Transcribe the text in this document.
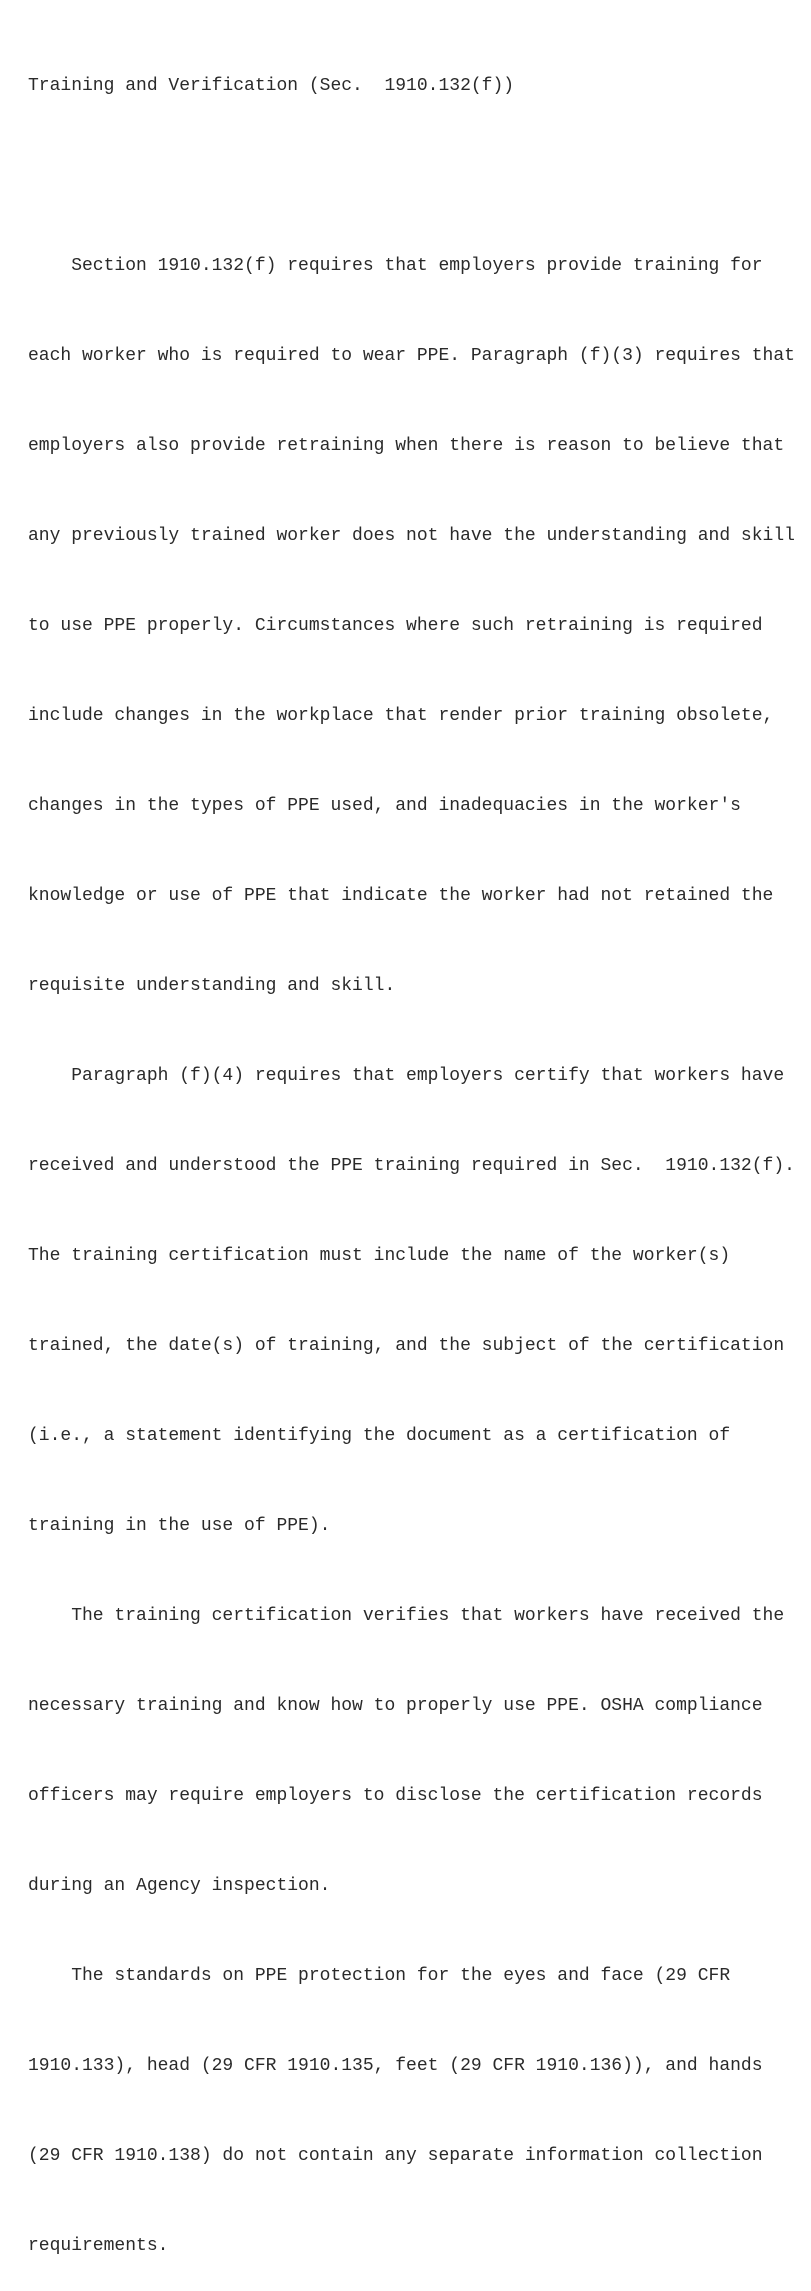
Training and Verification (Sec.  1910.132(f))

Section 1910.132(f) requires that employers provide training for

each worker who is required to wear PPE. Paragraph (f)(3) requires that

employers also provide retraining when there is reason to believe that

any previously trained worker does not have the understanding and skill

to use PPE properly. Circumstances where such retraining is required

include changes in the workplace that render prior training obsolete,

changes in the types of PPE used, and inadequacies in the worker's

knowledge or use of PPE that indicate the worker had not retained the

requisite understanding and skill.

Paragraph (f)(4) requires that employers certify that workers have

received and understood the PPE training required in Sec.  1910.132(f).

The training certification must include the name of the worker(s)

trained, the date(s) of training, and the subject of the certification

(i.e., a statement identifying the document as a certification of

training in the use of PPE).

The training certification verifies that workers have received the

necessary training and know how to properly use PPE. OSHA compliance

officers may require employers to disclose the certification records

during an Agency inspection.

The standards on PPE protection for the eyes and face (29 CFR

1910.133), head (29 CFR 1910.135, feet (29 CFR 1910.136)), and hands

(29 CFR 1910.138) do not contain any separate information collection

requirements.
